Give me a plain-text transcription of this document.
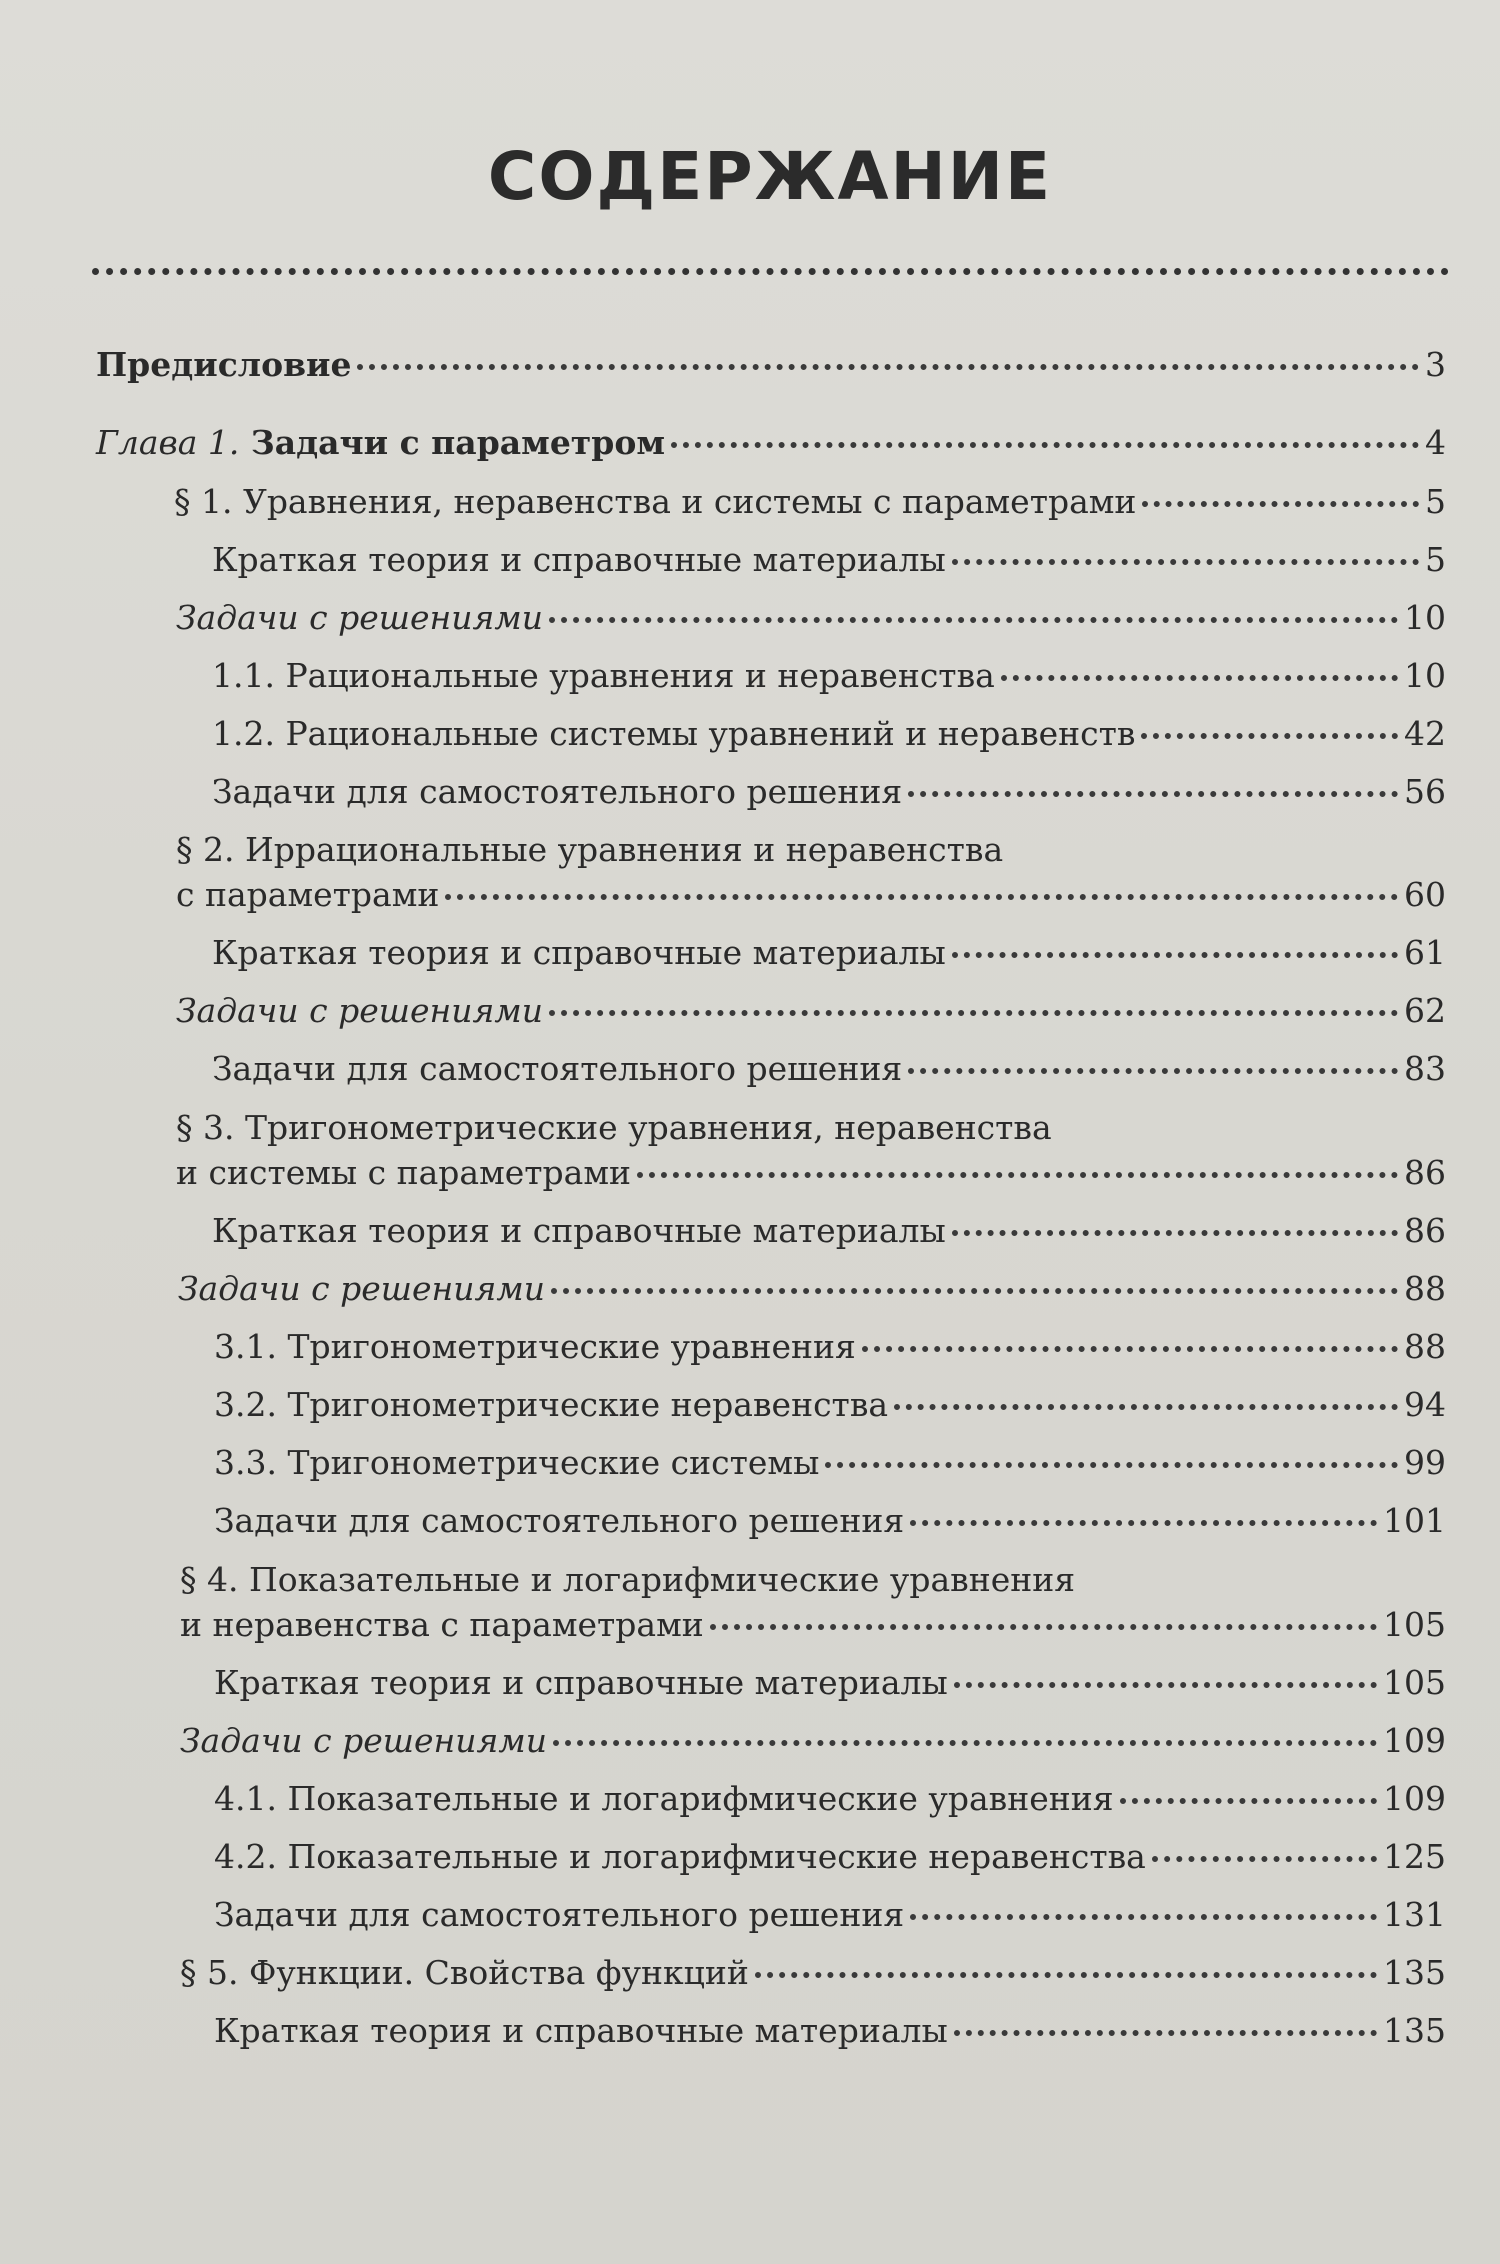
СОДЕРЖАНИЕ
Предисловие	3
Глава 1. Задачи с параметром	4
§ 1. Уравнения, неравенства и системы с параметрами	5
Краткая теория и справочные материалы	5
Задачи с решениями	10
1.1. Рациональные уравнения и неравенства	10
1.2. Рациональные системы уравнений и неравенств	42
Задачи для самостоятельного решения	56
§ 2. Иррациональные уравнения и неравенства
с параметрами	60
Краткая теория и справочные материалы	61
Задачи с решениями	62
Задачи для самостоятельного решения	83
§ 3. Тригонометрические уравнения, неравенства
и системы с параметрами	86
Краткая теория и справочные материалы	86
Задачи с решениями	88
3.1. Тригонометрические уравнения	88
3.2. Тригонометрические неравенства	94
3.3. Тригонометрические системы	99
Задачи для самостоятельного решения	101
§ 4. Показательные и логарифмические уравнения
и неравенства с параметрами	105
Краткая теория и справочные материалы	105
Задачи с решениями	109
4.1. Показательные и логарифмические уравнения	109
4.2. Показательные и логарифмические неравенства	125
Задачи для самостоятельного решения	131
§ 5. Функции. Свойства функций	135
Краткая теория и справочные материалы	135
